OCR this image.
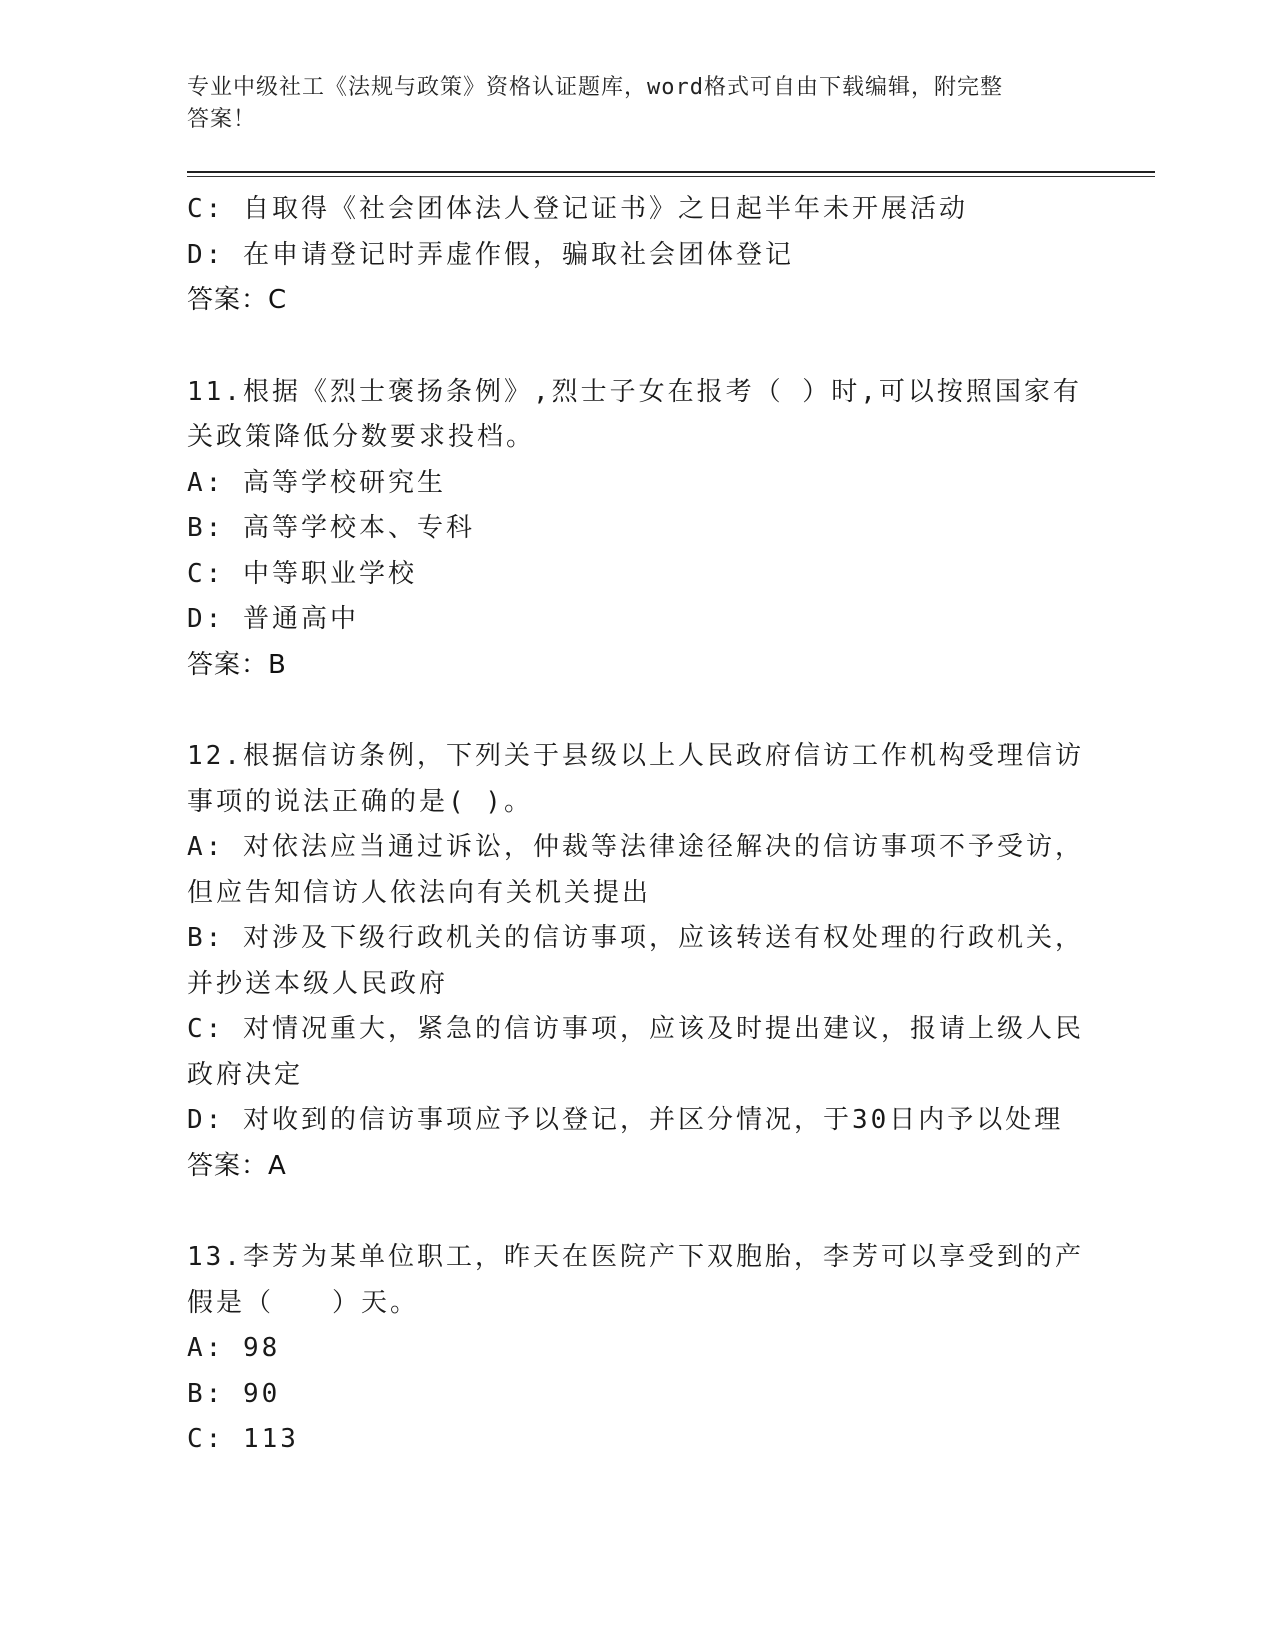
专业中级社工《法规与政策》资格认证题库，word格式可自由下载编辑，附完整
答案！
C: 自取得《社会团体法人登记证书》之日起半年未开展活动
D: 在申请登记时弄虚作假，骗取社会团体登记
答案：C
11.根据《烈士褒扬条例》,烈士子女在报考（ ）时,可以按照国家有
关政策降低分数要求投档。
A: 高等学校研究生
B: 高等学校本、专科
C: 中等职业学校
D: 普通高中
答案：B
12.根据信访条例，下列关于县级以上人民政府信访工作机构受理信访
事项的说法正确的是( )。
A: 对依法应当通过诉讼，仲裁等法律途径解决的信访事项不予受访，
但应告知信访人依法向有关机关提出
B: 对涉及下级行政机关的信访事项，应该转送有权处理的行政机关，
并抄送本级人民政府
C: 对情况重大，紧急的信访事项，应该及时提出建议，报请上级人民
政府决定
D: 对收到的信访事项应予以登记，并区分情况，于30日内予以处理
答案：A
13.李芳为某单位职工，昨天在医院产下双胞胎，李芳可以享受到的产
假是（　　）天。
A: 98
B: 90
C: 113
